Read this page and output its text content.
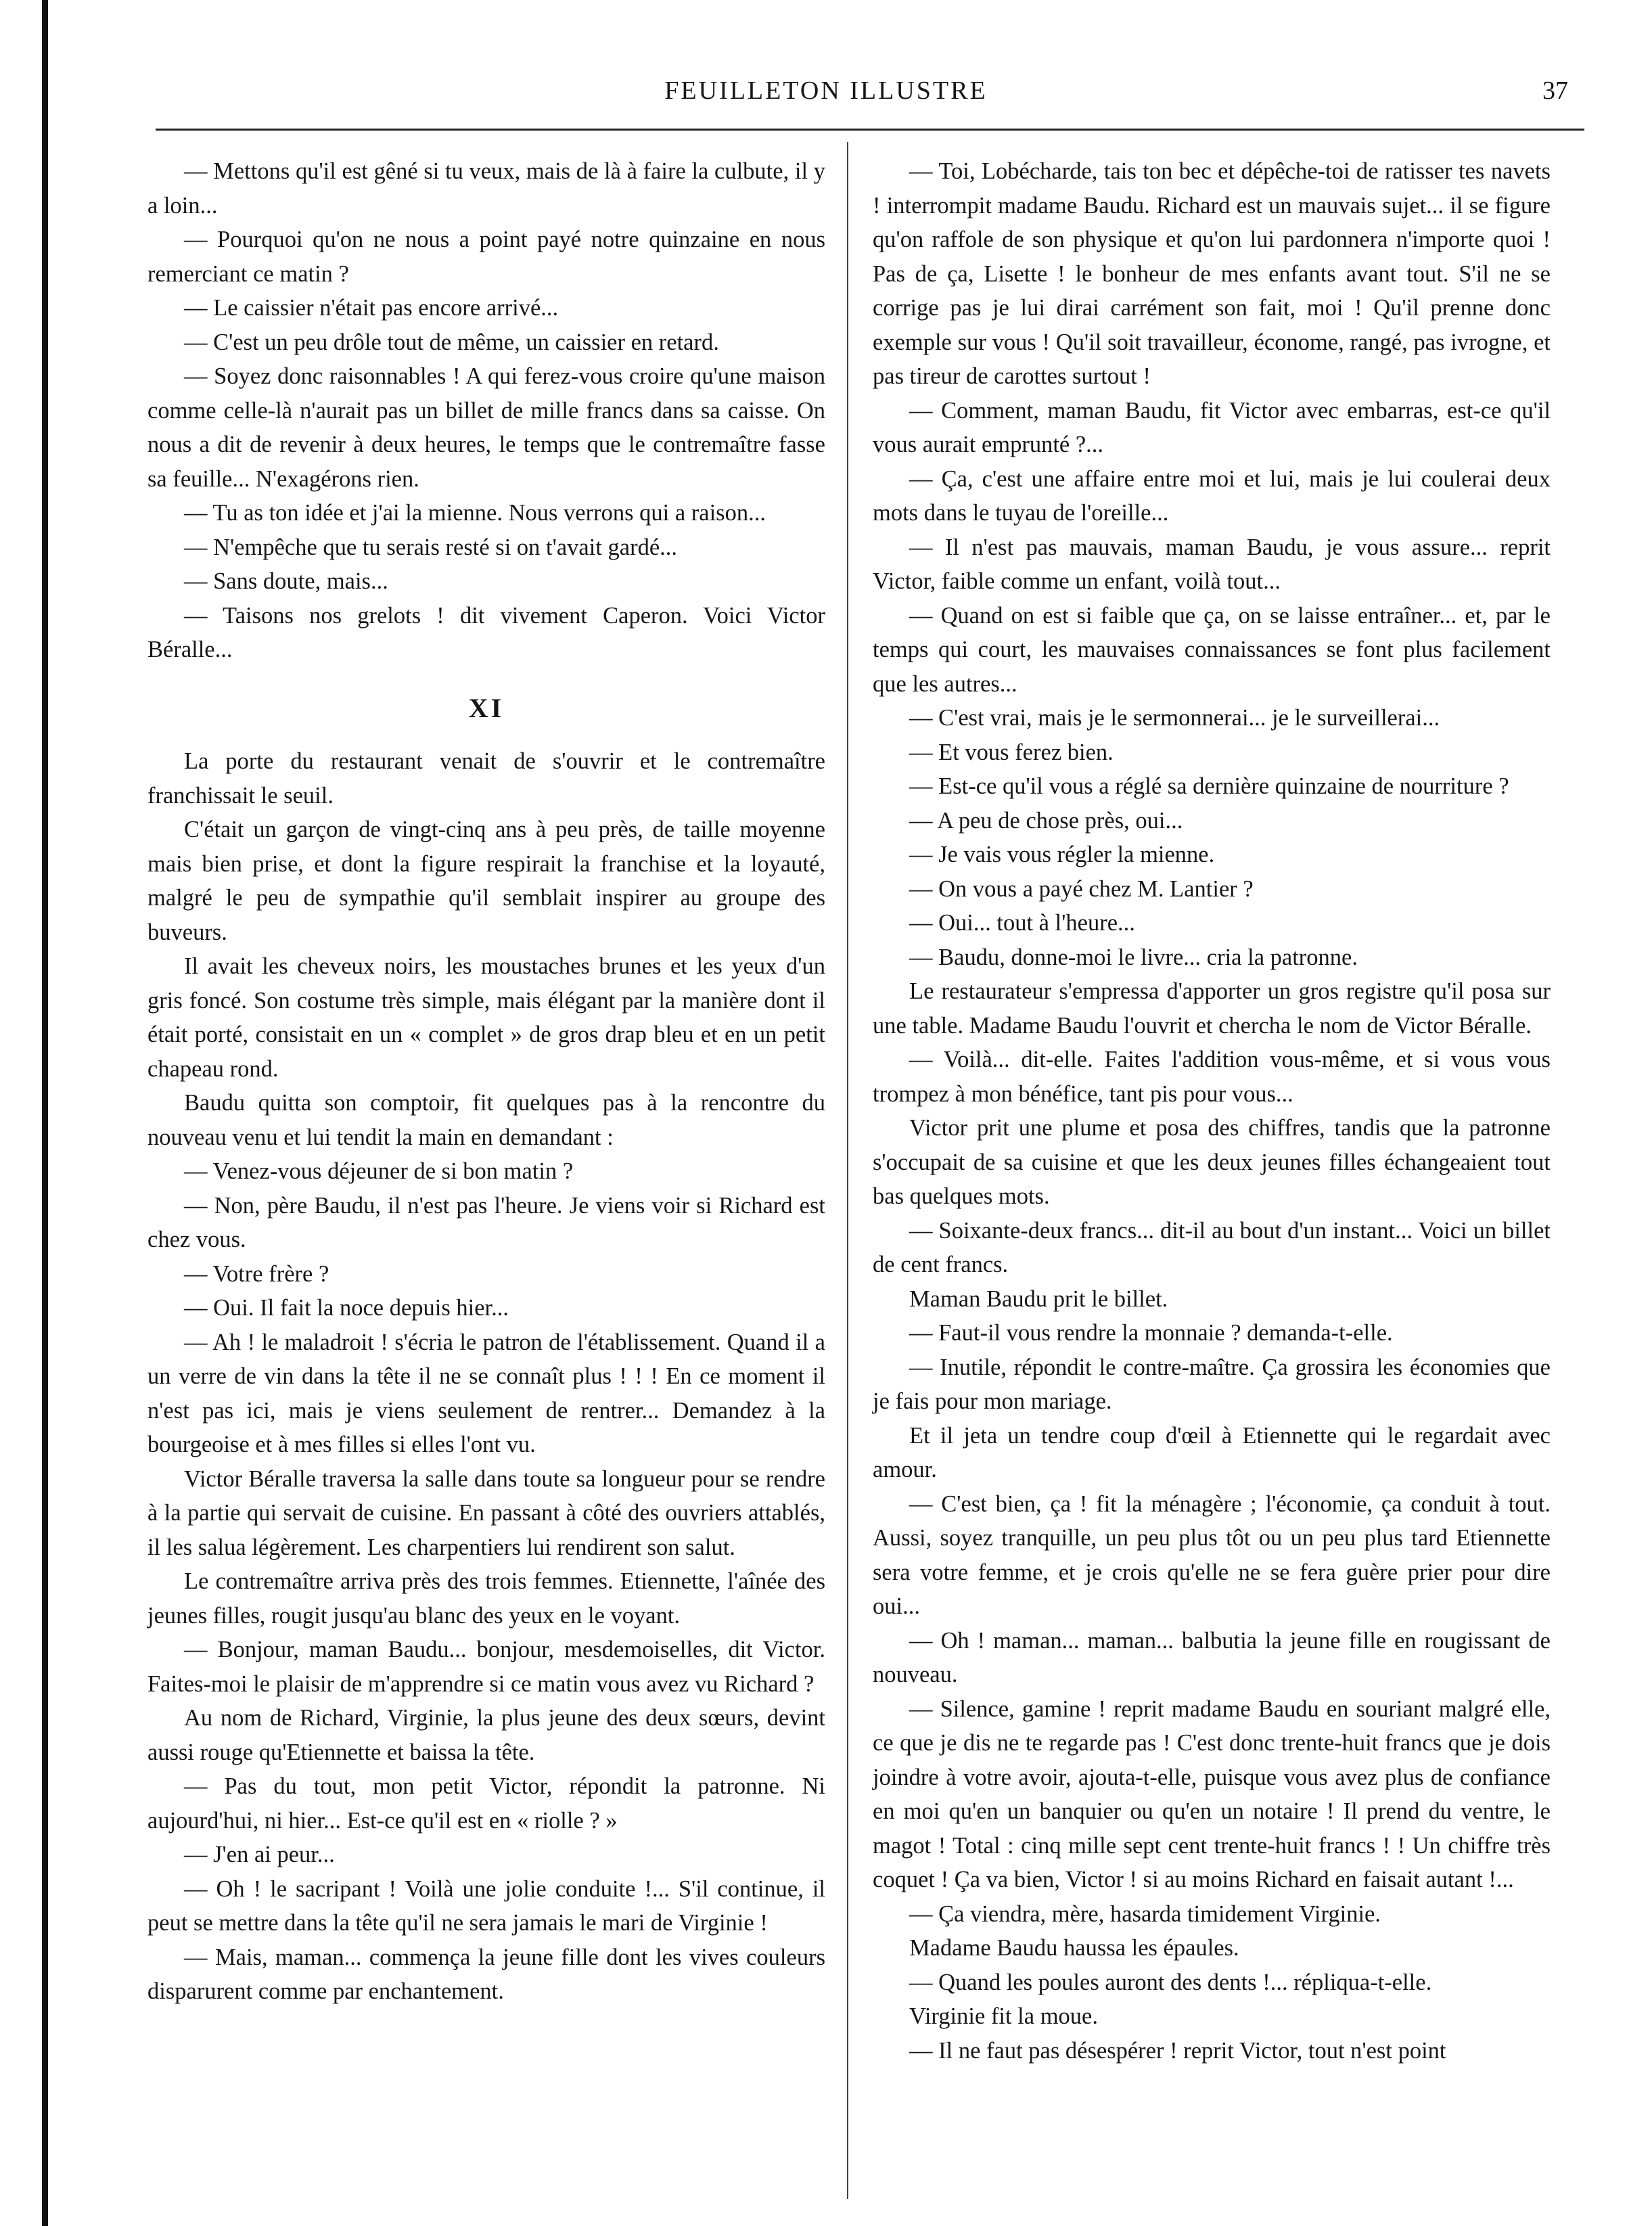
FEUILLETON ILLUSTRE	37

— Mettons qu'il est gêné si tu veux, mais de là à faire la culbute, il y a loin...

— Pourquoi qu'on ne nous a point payé notre quinzaine en nous remerciant ce matin ?

— Le caissier n'était pas encore arrivé...

— C'est un peu drôle tout de même, un caissier en retard.

— Soyez donc raisonnables ! A qui ferez-vous croire qu'une maison comme celle-là n'aurait pas un billet de mille francs dans sa caisse. On nous a dit de revenir à deux heures, le temps que le contremaître fasse sa feuille... N'exagérons rien.

— Tu as ton idée et j'ai la mienne. Nous verrons qui a raison...

— N'empêche que tu serais resté si on t'avait gardé...

— Sans doute, mais...

— Taisons nos grelots ! dit vivement Caperon. Voici Victor Béralle...

XI

La porte du restaurant venait de s'ouvrir et le contremaître franchissait le seuil.

C'était un garçon de vingt-cinq ans à peu près, de taille moyenne mais bien prise, et dont la figure respirait la franchise et la loyauté, malgré le peu de sympathie qu'il semblait inspirer au groupe des buveurs.

Il avait les cheveux noirs, les moustaches brunes et les yeux d'un gris foncé. Son costume très simple, mais élégant par la manière dont il était porté, consistait en un « complet » de gros drap bleu et en un petit chapeau rond.

Baudu quitta son comptoir, fit quelques pas à la rencontre du nouveau venu et lui tendit la main en demandant :

— Venez-vous déjeuner de si bon matin ?

— Non, père Baudu, il n'est pas l'heure. Je viens voir si Richard est chez vous.

— Votre frère ?

— Oui. Il fait la noce depuis hier...

— Ah ! le maladroit ! s'écria le patron de l'établissement. Quand il a un verre de vin dans la tête il ne se connaît plus ! ! ! En ce moment il n'est pas ici, mais je viens seulement de rentrer... Demandez à la bourgeoise et à mes filles si elles l'ont vu.

Victor Béralle traversa la salle dans toute sa longueur pour se rendre à la partie qui servait de cuisine. En passant à côté des ouvriers attablés, il les salua légèrement. Les charpentiers lui rendirent son salut.

Le contremaître arriva près des trois femmes. Etiennette, l'aînée des jeunes filles, rougit jusqu'au blanc des yeux en le voyant.

— Bonjour, maman Baudu... bonjour, mesdemoiselles, dit Victor. Faites-moi le plaisir de m'apprendre si ce matin vous avez vu Richard ?

Au nom de Richard, Virginie, la plus jeune des deux sœurs, devint aussi rouge qu'Etiennette et baissa la tête.

— Pas du tout, mon petit Victor, répondit la patronne. Ni aujourd'hui, ni hier... Est-ce qu'il est en « riolle ? »

— J'en ai peur...

— Oh ! le sacripant ! Voilà une jolie conduite !... S'il continue, il peut se mettre dans la tête qu'il ne sera jamais le mari de Virginie !

— Mais, maman... commença la jeune fille dont les vives couleurs disparurent comme par enchantement.

— Toi, Lobécharde, tais ton bec et dépêche-toi de ratisser tes navets ! interrompit madame Baudu. Richard est un mauvais sujet... il se figure qu'on raffole de son physique et qu'on lui pardonnera n'importe quoi ! Pas de ça, Lisette ! le bonheur de mes enfants avant tout. S'il ne se corrige pas je lui dirai carrément son fait, moi ! Qu'il prenne donc exemple sur vous ! Qu'il soit travailleur, économe, rangé, pas ivrogne, et pas tireur de carottes surtout !

— Comment, maman Baudu, fit Victor avec embarras, est-ce qu'il vous aurait emprunté ?...

— Ça, c'est une affaire entre moi et lui, mais je lui coulerai deux mots dans le tuyau de l'oreille...

— Il n'est pas mauvais, maman Baudu, je vous assure... reprit Victor, faible comme un enfant, voilà tout...

— Quand on est si faible que ça, on se laisse entraîner... et, par le temps qui court, les mauvaises connaissances se font plus facilement que les autres...

— C'est vrai, mais je le sermonnerai... je le surveillerai...

— Et vous ferez bien.

— Est-ce qu'il vous a réglé sa dernière quinzaine de nourriture ?

— A peu de chose près, oui...

— Je vais vous régler la mienne.

— On vous a payé chez M. Lantier ?

— Oui... tout à l'heure...

— Baudu, donne-moi le livre... cria la patronne.

Le restaurateur s'empressa d'apporter un gros registre qu'il posa sur une table. Madame Baudu l'ouvrit et chercha le nom de Victor Béralle.

— Voilà... dit-elle. Faites l'addition vous-même, et si vous vous trompez à mon bénéfice, tant pis pour vous...

Victor prit une plume et posa des chiffres, tandis que la patronne s'occupait de sa cuisine et que les deux jeunes filles échangeaient tout bas quelques mots.

— Soixante-deux francs... dit-il au bout d'un instant... Voici un billet de cent francs.

Maman Baudu prit le billet.

— Faut-il vous rendre la monnaie ? demanda-t-elle.

— Inutile, répondit le contre-maître. Ça grossira les économies que je fais pour mon mariage.

Et il jeta un tendre coup d'œil à Etiennette qui le regardait avec amour.

— C'est bien, ça ! fit la ménagère ; l'économie, ça conduit à tout. Aussi, soyez tranquille, un peu plus tôt ou un peu plus tard Etiennette sera votre femme, et je crois qu'elle ne se fera guère prier pour dire oui...

— Oh ! maman... maman... balbutia la jeune fille en rougissant de nouveau.

— Silence, gamine ! reprit madame Baudu en souriant malgré elle, ce que je dis ne te regarde pas ! C'est donc trente-huit francs que je dois joindre à votre avoir, ajouta-t-elle, puisque vous avez plus de confiance en moi qu'en un banquier ou qu'en un notaire ! Il prend du ventre, le magot ! Total : cinq mille sept cent trente-huit francs ! ! Un chiffre très coquet ! Ça va bien, Victor ! si au moins Richard en faisait autant !...

— Ça viendra, mère, hasarda timidement Virginie.

Madame Baudu haussa les épaules.

— Quand les poules auront des dents !... répliqua-t-elle.

Virginie fit la moue.

— Il ne faut pas désespérer ! reprit Victor, tout n'est point
